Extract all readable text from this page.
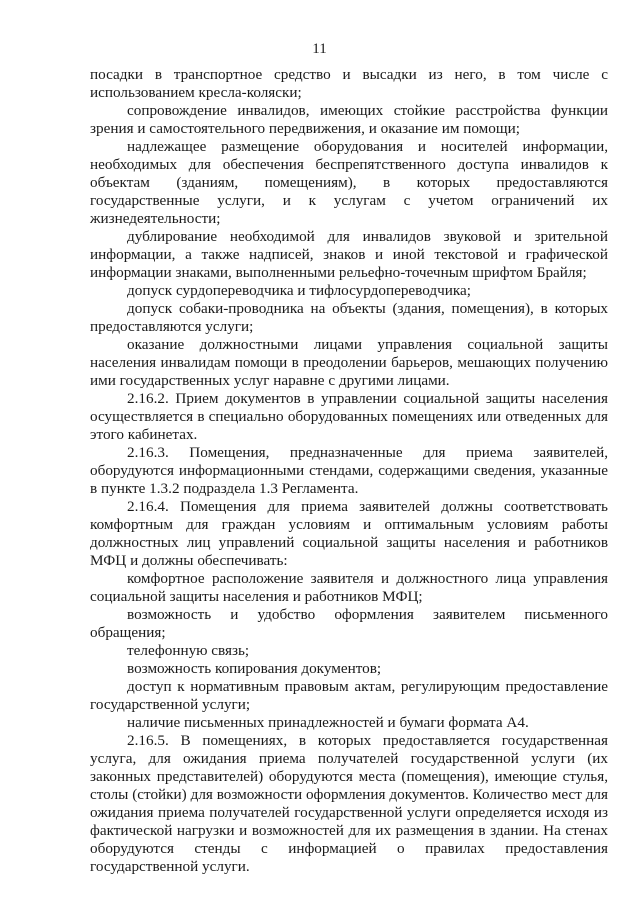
11

посадки в транспортное средство и высадки из него, в том числе с использованием кресла-коляски;

сопровождение инвалидов, имеющих стойкие расстройства функции зрения и самостоятельного передвижения, и оказание им помощи;

надлежащее размещение оборудования и носителей информации, необходимых для обеспечения беспрепятственного доступа инвалидов к объектам (зданиям, помещениям), в которых предоставляются государственные услуги, и к услугам с учетом ограничений их жизнедеятельности;

дублирование необходимой для инвалидов звуковой и зрительной информации, а также надписей, знаков и иной текстовой и графической информации знаками, выполненными рельефно-точечным шрифтом Брайля;

допуск сурдопереводчика и тифлосурдопереводчика;

допуск собаки-проводника на объекты (здания, помещения), в которых предоставляются услуги;

оказание должностными лицами управления социальной защиты населения инвалидам помощи в преодолении барьеров, мешающих получению ими государственных услуг наравне с другими лицами.

2.16.2. Прием документов в управлении социальной защиты населения осуществляется в специально оборудованных помещениях или отведенных для этого кабинетах.

2.16.3. Помещения, предназначенные для приема заявителей, оборудуются информационными стендами, содержащими сведения, указанные в пункте 1.3.2 подраздела 1.3 Регламента.

2.16.4. Помещения для приема заявителей должны соответствовать комфортным для граждан условиям и оптимальным условиям работы должностных лиц управлений социальной защиты населения и работников МФЦ и должны обеспечивать:

комфортное расположение заявителя и должностного лица управления социальной защиты населения и работников МФЦ;

возможность и удобство оформления заявителем письменного обращения;

телефонную связь;

возможность копирования документов;

доступ к нормативным правовым актам, регулирующим предоставление государственной услуги;

наличие письменных принадлежностей и бумаги формата А4.

2.16.5. В помещениях, в которых предоставляется государственная услуга, для ожидания приема получателей государственной услуги (их законных представителей) оборудуются места (помещения), имеющие стулья, столы (стойки) для возможности оформления документов. Количество мест для ожидания приема получателей государственной услуги определяется исходя из фактической нагрузки и возможностей для их размещения в здании. На стенах оборудуются стенды с информацией о правилах предоставления государственной услуги.
